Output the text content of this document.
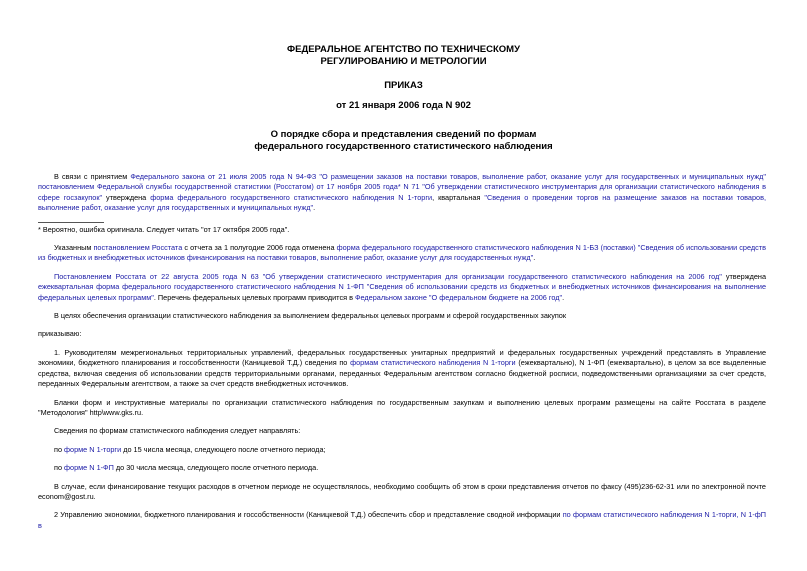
ФЕДЕРАЛЬНОЕ АГЕНТСТВО ПО ТЕХНИЧЕСКОМУ
РЕГУЛИРОВАНИЮ И МЕТРОЛОГИИ
ПРИКАЗ
от 21 января 2006 года N 902
О порядке сбора и представления сведений по формам
федерального государственного статистического наблюдения

В связи с принятием Федерального закона от 21 июля 2005 года N 94-ФЗ "О размещении заказов на поставки товаров, выполнение работ, оказание услуг для государственных и муниципальных нужд" постановлением Федеральной службы государственной статистики (Росстатом) от 17 ноября 2005 года* N 71 "Об утверждении статистического инструментария для организации статистического наблюдения в сфере госзакупок" утверждена форма федерального государственного статистического наблюдения N 1-торги, квартальная "Сведения о проведении торгов на размещение заказов на поставки товаров, выполнение работ, оказание услуг для государственных и муниципальных нужд".

* Вероятно, ошибка оригинала. Следует читать "от 17 октября 2005 года".

Указанным постановлением Росстата с отчета за 1 полугодие 2006 года отменена форма федерального государственного статистического наблюдения N 1-БЗ (поставки) "Сведения об использовании средств из бюджетных и внебюджетных источников финансирования на поставки товаров, выполнение работ, оказание услуг для государственных нужд".

Постановлением Росстата от 22 августа 2005 года N 63 "Об утверждении статистического инструментария для организации государственного статистического наблюдения на 2006 год" утверждена ежеквартальная форма федерального государственного статистического наблюдения N 1-ФП "Сведения об использовании средств из бюджетных и внебюджетных источников финансирования на выполнение федеральных целевых программ". Перечень федеральных целевых программ приводится в Федеральном законе "О федеральном бюджете на 2006 год".

В целях обеспечения организации статистического наблюдения за выполнением федеральных целевых программ и сферой государственных закупок

приказываю:

1. Руководителям межрегиональных территориальных управлений, федеральных государственных унитарных предприятий и федеральных государственных учреждений представлять в Управление экономики, бюджетного планирования и госсобственности (Каницкевой Т.Д.) сведения по формам статистического наблюдения N 1-торги (ежеквартально), N 1-ФП (ежеквартально), в целом за все выделенные средства, включая сведения об использовании средств территориальными органами, переданных Федеральным агентством согласно бюджетной росписи, подведомственными организациями за счет средств, переданных Федеральным агентством, а также за счет средств внебюджетных источников.

Бланки форм и инструктивные материалы по организации статистического наблюдения по государственным закупкам и выполнению целевых программ размещены на сайте Росстата в разделе "Методология" http\www.gks.ru.

Сведения по формам статистического наблюдения следует направлять:

по форме N 1-торги до 15 числа месяца, следующего после отчетного периода;

по форме N 1-ФП до 30 числа месяца, следующего после отчетного периода.

В случае, если финансирование текущих расходов в отчетном периоде не осуществлялось, необходимо сообщить об этом в сроки представления отчетов по факсу (495)236-62-31 или по электронной почте econom@gost.ru.

2 Управлению экономики, бюджетного планирования и госсобственности (Каницкевой Т.Д.) обеспечить сбор и представление сводной информации по формам статистического наблюдения N 1-торги, N 1-фП в
